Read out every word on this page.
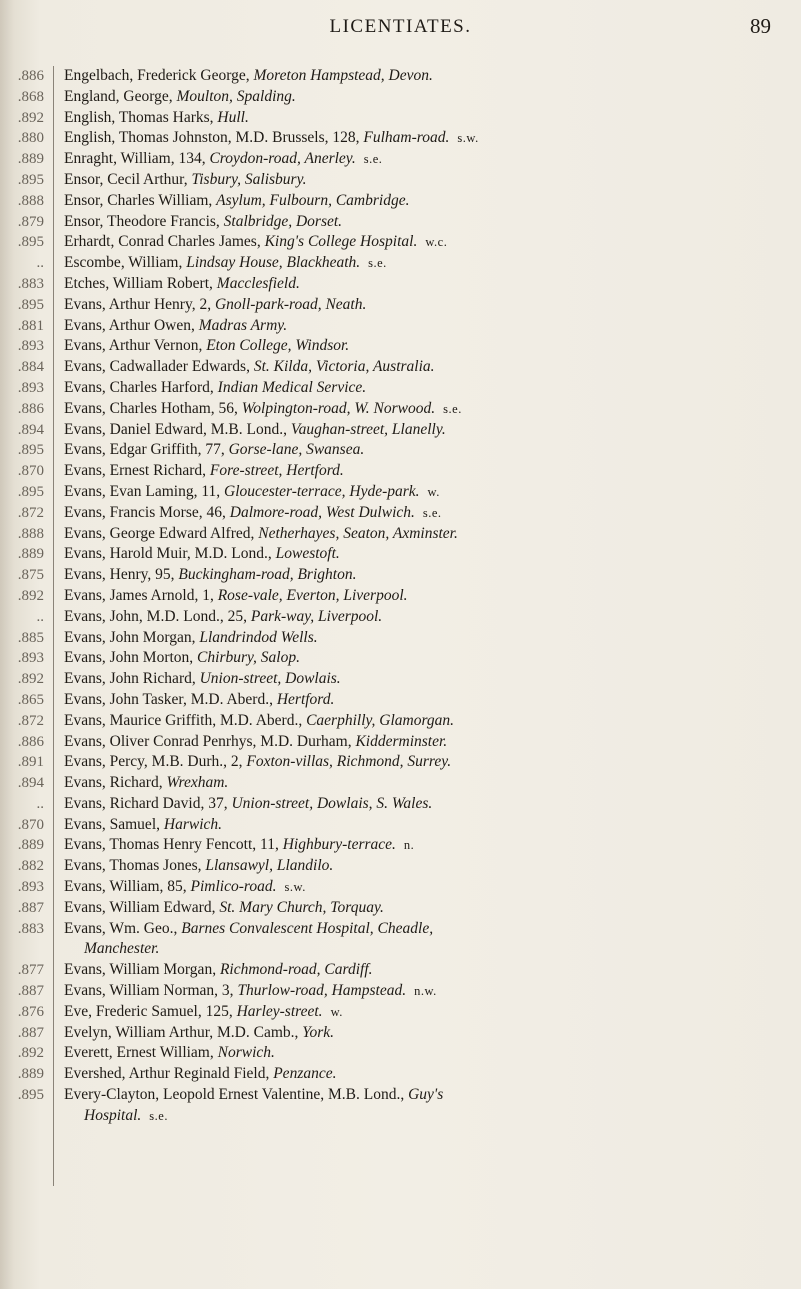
LICENTIATES.	89
.886
.868
.892
.880
.889
.895
.888
.879
.895
..
.883
.895
.881
.893
.884
.893
.886
.894
.895
.870
.895
.872
.888
.889
.875
.892
..
.885
.893
.892
.865
.872
.886
.891
.894
..
.870
.889
.882
.893
.887
.883
.877
.887
.876
.887
.892
.889
.895
Engelbach, Frederick George, Moreton Hampstead, Devon.
England, George, Moulton, Spalding.
English, Thomas Harks, Hull.
English, Thomas Johnston, M.D. Brussels, 128, Fulham-road. s.w.
Enraght, William, 134, Croydon-road, Anerley. s.e.
Ensor, Cecil Arthur, Tisbury, Salisbury.
Ensor, Charles William, Asylum, Fulbourn, Cambridge.
Ensor, Theodore Francis, Stalbridge, Dorset.
Erhardt, Conrad Charles James, King's College Hospital. w.c.
Escombe, William, Lindsay House, Blackheath. s.e.
Etches, William Robert, Macclesfield.
Evans, Arthur Henry, 2, Gnoll-park-road, Neath.
Evans, Arthur Owen, Madras Army.
Evans, Arthur Vernon, Eton College, Windsor.
Evans, Cadwallader Edwards, St. Kilda, Victoria, Australia.
Evans, Charles Harford, Indian Medical Service.
Evans, Charles Hotham, 56, Wolpington-road, W. Norwood. s.e.
Evans, Daniel Edward, M.B. Lond., Vaughan-street, Llanelly.
Evans, Edgar Griffith, 77, Gorse-lane, Swansea.
Evans, Ernest Richard, Fore-street, Hertford.
Evans, Evan Laming, 11, Gloucester-terrace, Hyde-park. w.
Evans, Francis Morse, 46, Dalmore-road, West Dulwich. s.e.
Evans, George Edward Alfred, Netherhayes, Seaton, Axminster.
Evans, Harold Muir, M.D. Lond., Lowestoft.
Evans, Henry, 95, Buckingham-road, Brighton.
Evans, James Arnold, 1, Rose-vale, Everton, Liverpool.
Evans, John, M.D. Lond., 25, Park-way, Liverpool.
Evans, John Morgan, Llandrindod Wells.
Evans, John Morton, Chirbury, Salop.
Evans, John Richard, Union-street, Dowlais.
Evans, John Tasker, M.D. Aberd., Hertford.
Evans, Maurice Griffith, M.D. Aberd., Caerphilly, Glamorgan.
Evans, Oliver Conrad Penrhys, M.D. Durham, Kidderminster.
Evans, Percy, M.B. Durh., 2, Foxton-villas, Richmond, Surrey.
Evans, Richard, Wrexham.
Evans, Richard David, 37, Union-street, Dowlais, S. Wales.
Evans, Samuel, Harwich.
Evans, Thomas Henry Fencott, 11, Highbury-terrace. n.
Evans, Thomas Jones, Llansawyl, Llandilo.
Evans, William, 85, Pimlico-road. s.w.
Evans, William Edward, St. Mary Church, Torquay.
Evans, Wm. Geo., Barnes Convalescent Hospital, Cheadle,
Manchester.
Evans, William Morgan, Richmond-road, Cardiff.
Evans, William Norman, 3, Thurlow-road, Hampstead. n.w.
Eve, Frederic Samuel, 125, Harley-street. w.
Evelyn, William Arthur, M.D. Camb., York.
Everett, Ernest William, Norwich.
Evershed, Arthur Reginald Field, Penzance.
Every-Clayton, Leopold Ernest Valentine, M.B. Lond., Guy's
Hospital. s.e.
